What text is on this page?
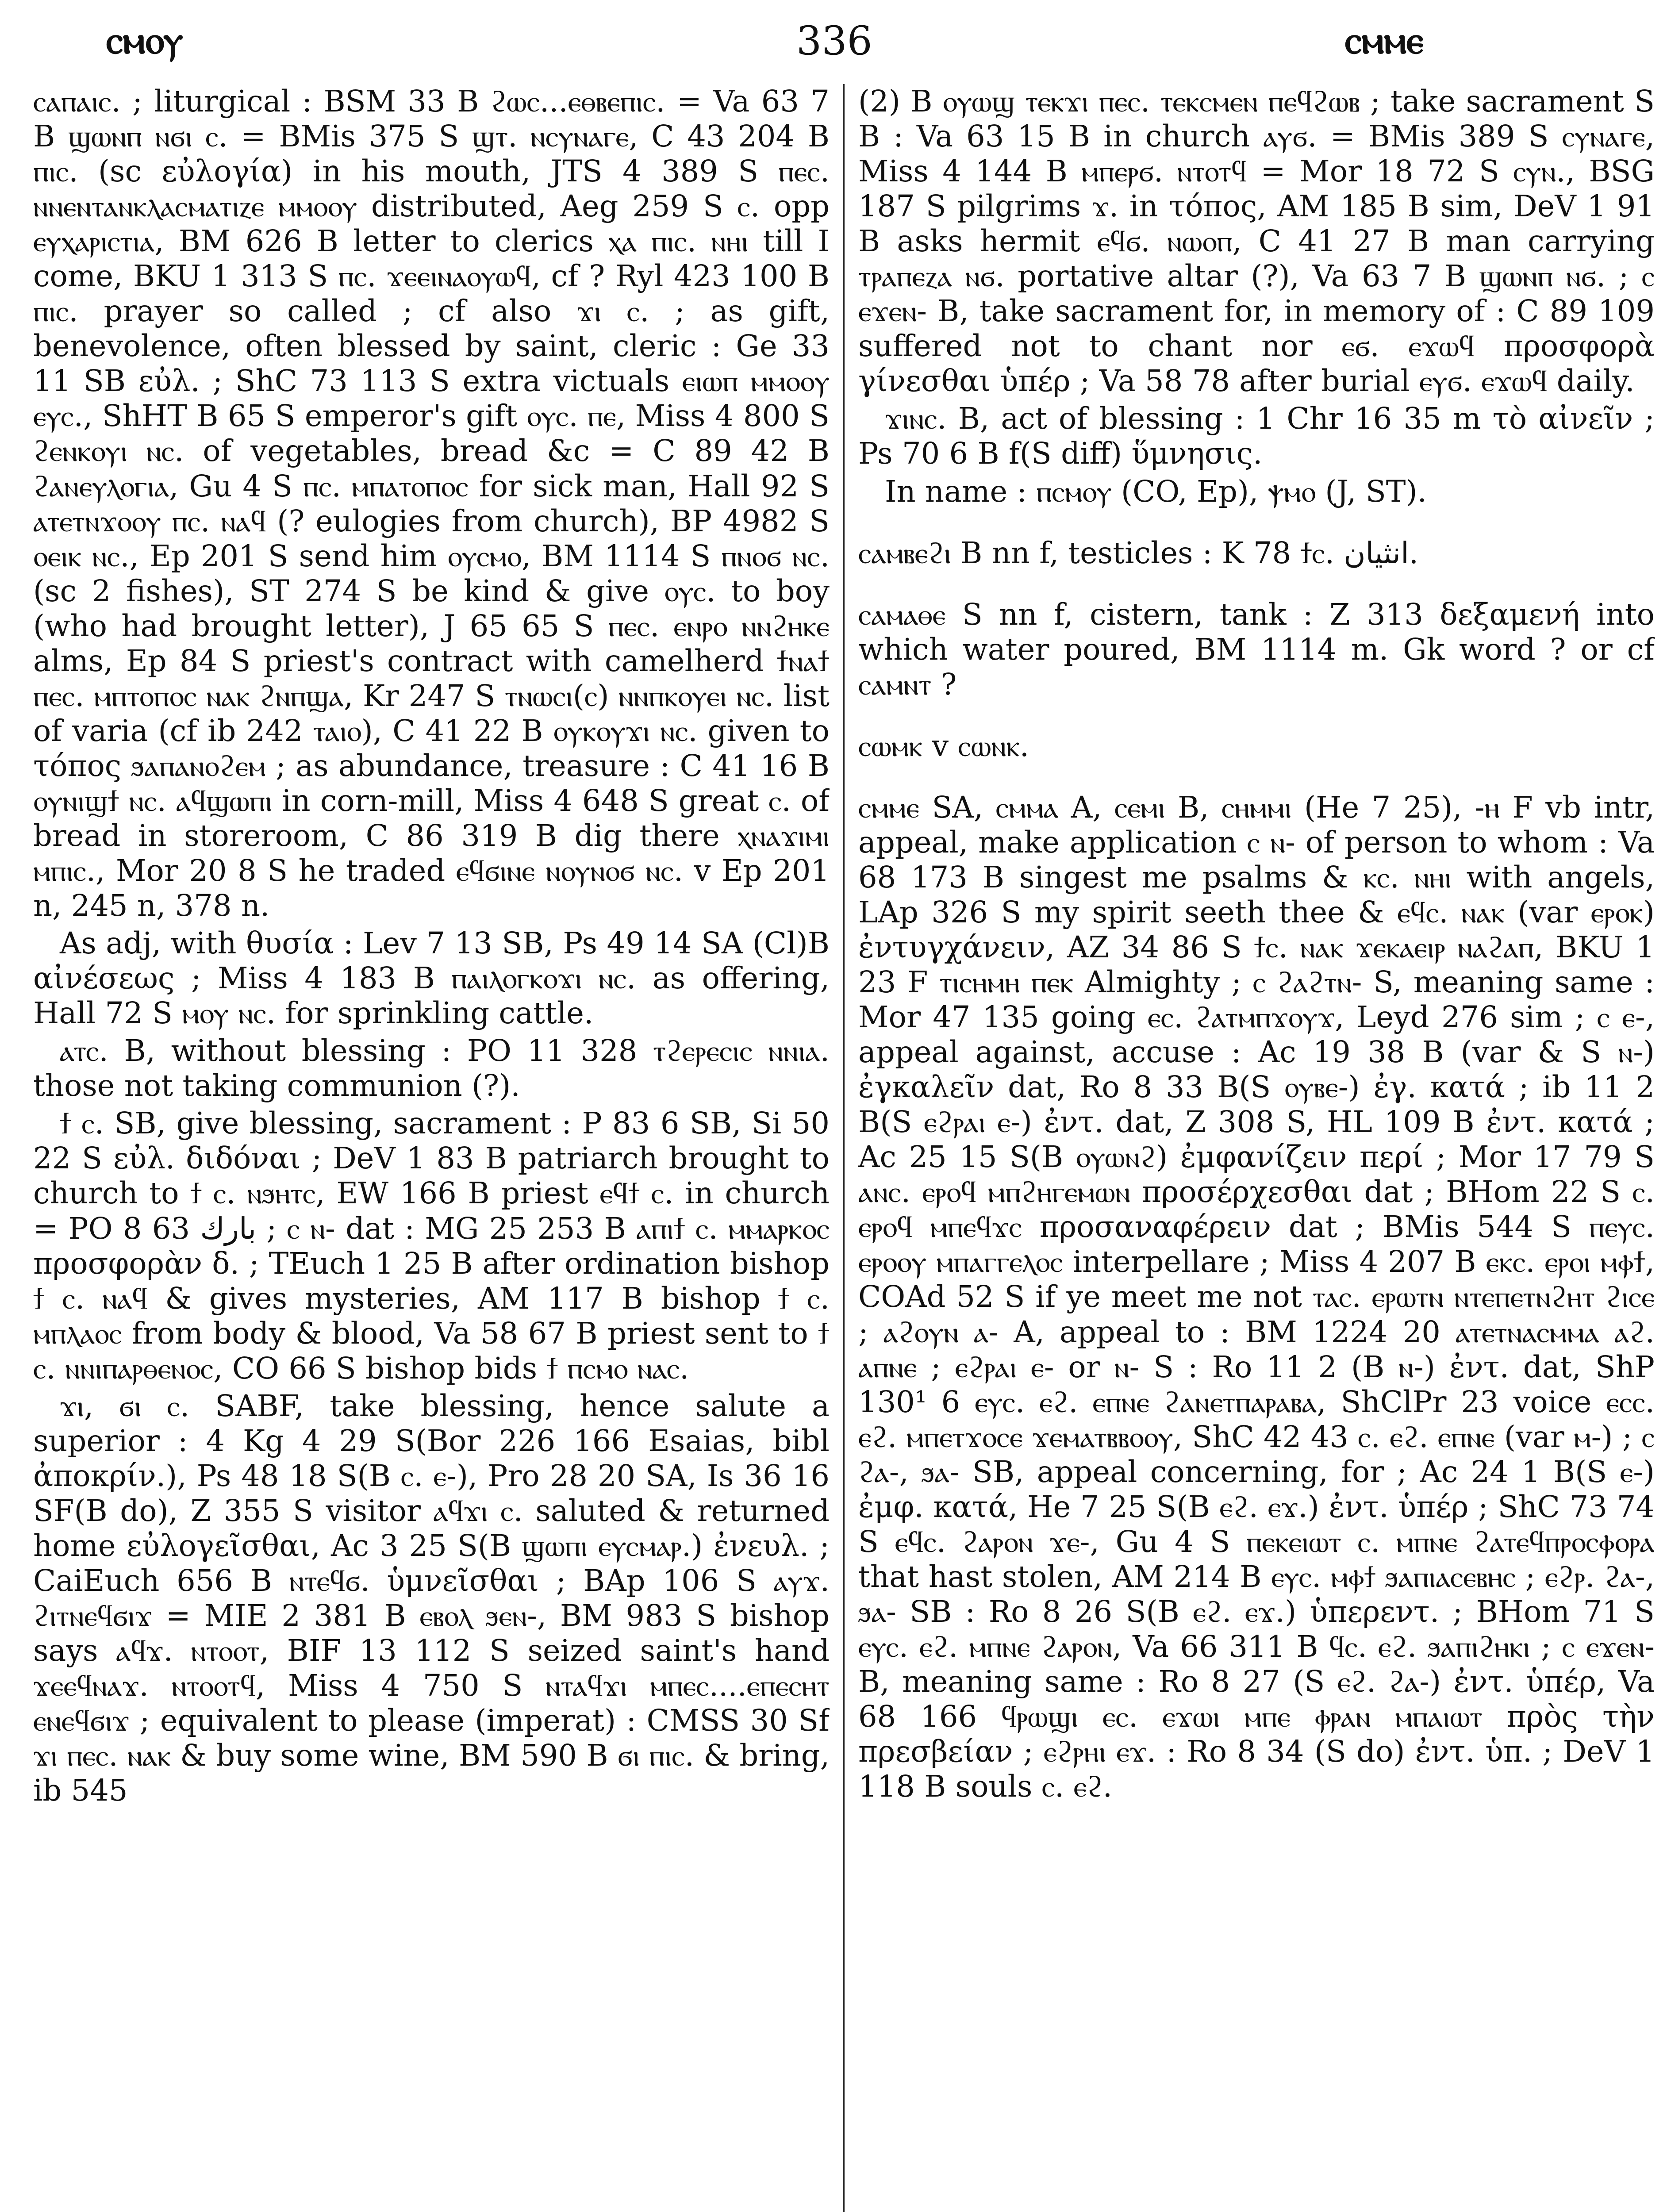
ⲥⲙⲟⲩ	336	ⲥⲙⲙⲉ

ⲥⲁⲡⲁⲓⲥ. ; liturgical : BSM 33 B ϩⲱⲥ...ⲉⲑⲃⲉⲡⲓⲥ. = Va 63 7 B ϣⲱⲛⲡ ⲛϭⲓ ⲥ. = BMis 375 S ϣⲧ. ⲛⲥⲩⲛⲁⲅⲉ, C 43 204 B ⲡⲓⲥ. (sc εὐλογία) in his mouth, JTS 4 389 S ⲡⲉⲥ. ⲛⲛⲉⲛⲧⲁⲛⲕⲗⲁⲥⲙⲁⲧⲓⲍⲉ ⲙⲙⲟⲟⲩ distributed, Aeg 259 S ⲥ. opp ⲉⲩⲭⲁⲣⲓⲥⲧⲓⲁ, BM 626 B letter to clerics ⲭⲁ ⲡⲓⲥ. ⲛⲏⲓ till I come, BKU 1 313 S ⲡⲥ. ϫⲉⲉⲓⲛⲁⲟⲩⲱϥ, cf ? Ryl 423 100 B ⲡⲓⲥ. prayer so called ; cf also ϫⲓ ⲥ. ; as gift, benevolence, often blessed by saint, cleric : Ge 33 11 SB εὐλ. ; ShC 73 113 S extra victuals ⲉⲓⲱⲡ ⲙⲙⲟⲟⲩ ⲉⲩⲥ., ShHT B 65 S emperor's gift ⲟⲩⲥ. ⲡⲉ, Miss 4 800 S ϩⲉⲛⲕⲟⲩⲓ ⲛⲥ. of vegetables, bread &c = C 89 42 B ϩⲁⲛⲉⲩⲗⲟⲅⲓⲁ, Gu 4 S ⲡⲥ. ⲙⲡⲁⲧⲟⲡⲟⲥ for sick man, Hall 92 S ⲁⲧⲉⲧⲛϫⲟⲟⲩ ⲡⲥ. ⲛⲁϥ (? eulogies from church), BP 4982 S ⲟⲉⲓⲕ ⲛⲥ., Ep 201 S send him ⲟⲩⲥⲙⲟ, BM 1114 S ⲡⲛⲟϭ ⲛⲥ. (sc 2 fishes), ST 274 S be kind & give ⲟⲩⲥ. to boy (who had brought letter), J 65 65 S ⲡⲉⲥ. ⲉⲛⲣⲟ ⲛⲛϩⲏⲕⲉ alms, Ep 84 S priest's contract with camelherd ϯⲛⲁϯ ⲡⲉⲥ. ⲙⲡⲧⲟⲡⲟⲥ ⲛⲁⲕ ϩⲛⲡϣⲁ, Kr 247 S ⲧⲛⲱⲥⲓ(ⲥ) ⲛⲛⲡⲕⲟⲩⲉⲓ ⲛⲥ. list of varia (cf ib 242 ⲧⲁⲓⲟ), C 41 22 B ⲟⲩⲕⲟⲩϫⲓ ⲛⲥ. given to τόπος ϧⲁⲡⲁⲛⲟϩⲉⲙ ; as abundance, treasure : C 41 16 B ⲟⲩⲛⲓϣϯ ⲛⲥ. ⲁϥϣⲱⲡⲓ in corn-mill, Miss 4 648 S great ⲥ. of bread in storeroom, C 86 319 B dig there ⲭⲛⲁϫⲓⲙⲓ ⲙⲡⲓⲥ., Mor 20 8 S he traded ⲉϥϭⲓⲛⲉ ⲛⲟⲩⲛⲟϭ ⲛⲥ. v Ep 201 n, 245 n, 378 n.

As adj, with θυσία : Lev 7 13 SB, Ps 49 14 SA (Cl)B αἰνέσεως ; Miss 4 183 B ⲡⲁⲓⲗⲟⲅⲕⲟϫⲓ ⲛⲥ. as offering, Hall 72 S ⲙⲟⲩ ⲛⲥ. for sprinkling cattle.

ⲁⲧⲥ. B, without blessing : PO 11 328 ⲧϩⲉⲣⲉⲥⲓⲥ ⲛⲛⲓⲁ. those not taking communion (?).

ϯ ⲥ. SB, give blessing, sacrament : P 83 6 SB, Si 50 22 S εὐλ. διδόναι ; DeV 1 83 B patriarch brought to church to ϯ ⲥ. ⲛϧⲏⲧⲥ, EW 166 B priest ⲉϥϯ ⲥ. in church = PO 8 63 ﺑﺎﺭﻙ ; ⲥ ⲛ- dat : MG 25 253 B ⲁⲡⲓϯ ⲥ. ⲙⲙⲁⲣⲕⲟⲥ προσφορὰν δ. ; TEuch 1 25 B after ordination bishop ϯ ⲥ. ⲛⲁϥ & gives mysteries, AM 117 B bishop ϯ ⲥ. ⲙⲡⲗⲁⲟⲥ from body & blood, Va 58 67 B priest sent to ϯ ⲥ. ⲛⲛⲓⲡⲁⲣⲑⲉⲛⲟⲥ, CO 66 S bishop bids ϯ ⲡⲥⲙⲟ ⲛⲁⲥ.

ϫⲓ, ϭⲓ ⲥ. SABF, take blessing, hence salute a superior : 4 Kg 4 29 S(Bor 226 166 Esaias, bibl ἀποκρίν.), Ps 48 18 S(B ⲥ. ⲉ-), Pro 28 20 SA, Is 36 16 SF(B do), Z 355 S visitor ⲁϥϫⲓ ⲥ. saluted & returned home εὐλογεῖσθαι, Ac 3 25 S(B ϣⲱⲡⲓ ⲉⲩⲥⲙⲁⲣ.) ἐνευλ. ; CaiEuch 656 B ⲛⲧⲉϥϭ. ὑμνεῖσθαι ; BAp 106 S ⲁⲩϫ. ϩⲓⲧⲛⲉϥϭⲓϫ = MIE 2 381 B ⲉⲃⲟⲗ ϧⲉⲛ-, BM 983 S bishop says ⲁϥϫ. ⲛⲧⲟⲟⲧ, BIF 13 112 S seized saint's hand ϫⲉⲉϥⲛⲁϫ. ⲛⲧⲟⲟⲧϥ, Miss 4 750 S ⲛⲧⲁϥϫⲓ ⲙⲡⲉⲥ....ⲉⲡⲉⲥⲏⲧ ⲉⲛⲉϥϭⲓϫ ; equivalent to please (imperat) : CMSS 30 Sf ϫⲓ ⲡⲉⲥ. ⲛⲁⲕ & buy some wine, BM 590 B ϭⲓ ⲡⲓⲥ. & bring, ib 545

(2) B ⲟⲩⲱϣ ⲧⲉⲕϫⲓ ⲡⲉⲥ. ⲧⲉⲕⲥⲙⲉⲛ ⲡⲉϥϩⲱⲃ ; take sacrament S B : Va 63 15 B in church ⲁⲩϭ. = BMis 389 S ⲥⲩⲛⲁⲅⲉ, Miss 4 144 B ⲙⲡⲉⲣϭ. ⲛⲧⲟⲧϥ = Mor 18 72 S ⲥⲩⲛ., BSG 187 S pilgrims ϫ. in τόπος, AM 185 B sim, DeV 1 91 B asks hermit ⲉϥϭ. ⲛⲱⲟⲡ, C 41 27 B man carrying ⲧⲣⲁⲡⲉⲍⲁ ⲛϭ. portative altar (?), Va 63 7 B ϣⲱⲛⲡ ⲛϭ. ; ⲥ ⲉϫⲉⲛ- B, take sacrament for, in memory of : C 89 109 suffered not to chant nor ⲉϭ. ⲉϫⲱϥ προσφορὰ γίνεσθαι ὑπέρ ; Va 58 78 after burial ⲉⲩϭ. ⲉϫⲱϥ daily.

ϫⲓⲛⲥ. B, act of blessing : 1 Chr 16 35 m τὸ αἰνεῖν ; Ps 70 6 B f(S diff) ὕμνησις.

In name : ⲡⲥⲙⲟⲩ (CO, Ep), ⲯⲙⲟ (J, ST).

ⲥⲁⲙⲃⲉϩⲓ B nn f, testicles : K 78 ϯⲥ. ﺍﻧﺜﻴﺎﻥ.

ⲥⲁⲙⲁⲑⲉ S nn f, cistern, tank : Z 313 δεξαμενή into which water poured, BM 1114 m. Gk word ? or cf ⲥⲁⲙⲛⲧ ?

ⲥⲱⲙⲕ v ⲥⲱⲛⲕ.

ⲥⲙⲙⲉ SA, ⲥⲙⲙⲁ A, ⲥⲉⲙⲓ B, ⲥⲏⲙⲙⲓ (He 7 25), -ⲏ F vb intr, appeal, make application ⲥ ⲛ- of person to whom : Va 68 173 B singest me psalms & ⲕⲥ. ⲛⲏⲓ with angels, LAp 326 S my spirit seeth thee & ⲉϥⲥ. ⲛⲁⲕ (var ⲉⲣⲟⲕ) ἐντυγχάνειν, AZ 34 86 S ϯⲥ. ⲛⲁⲕ ϫⲉⲕⲁⲉⲓⲣ ⲛⲁϩⲁⲡ, BKU 1 23 F ⲧⲓⲥⲏⲙⲏ ⲡⲉⲕ Almighty ; ⲥ ϩⲁϩⲧⲛ- S, meaning same : Mor 47 135 going ⲉⲥ. ϩⲁⲧⲙⲡϫⲟⲩϫ, Leyd 276 sim ; ⲥ ⲉ-, appeal against, accuse : Ac 19 38 B (var & S ⲛ-) ἐγκαλεῖν dat, Ro 8 33 B(S ⲟⲩⲃⲉ-) ἐγ. κατά ; ib 11 2 B(S ⲉϩⲣⲁⲓ ⲉ-) ἐντ. dat, Z 308 S, HL 109 B ἐντ. κατά ; Ac 25 15 S(B ⲟⲩⲱⲛϩ) ἐμφανίζειν περί ; Mor 17 79 S ⲁⲛⲥ. ⲉⲣⲟϥ ⲙⲡϩⲏⲅⲉⲙⲱⲛ προσέρχεσθαι dat ; BHom 22 S ⲥ. ⲉⲣⲟϥ ⲙⲡⲉϥϫⲥ προσαναφέρειν dat ; BMis 544 S ⲡⲉⲩⲥ. ⲉⲣⲟⲟⲩ ⲙⲡⲁⲅⲅⲉⲗⲟⲥ interpellare ; Miss 4 207 B ⲉⲕⲥ. ⲉⲣⲟⲓ ⲙⲫϯ, COAd 52 S if ye meet me not ⲧⲁⲥ. ⲉⲣⲱⲧⲛ ⲛⲧⲉⲡⲉⲧⲛϩⲏⲧ ϩⲓⲥⲉ ; ⲁϩⲟⲩⲛ ⲁ- A, appeal to : BM 1224 20 ⲁⲧⲉⲧⲛⲁⲥⲙⲙⲁ ⲁϩ. ⲁⲡⲛⲉ ; ⲉϩⲣⲁⲓ ⲉ- or ⲛ- S : Ro 11 2 (B ⲛ-) ἐντ. dat, ShP 130¹ 6 ⲉⲩⲥ. ⲉϩ. ⲉⲡⲛⲉ ϩⲁⲛⲉⲧⲡⲁⲣⲁⲃⲁ, ShClPr 23 voice ⲉⲥⲥ. ⲉϩ. ⲙⲡⲉⲧϫⲟⲥⲉ ϫⲉⲙⲁⲧⲃⲃⲟⲟⲩ, ShC 42 43 ⲥ. ⲉϩ. ⲉⲡⲛⲉ (var ⲙ-) ; ⲥ ϩⲁ-, ϧⲁ- SB, appeal concerning, for ; Ac 24 1 B(S ⲉ-) ἐμφ. κατά, He 7 25 S(B ⲉϩ. ⲉϫ.) ἐντ. ὑπέρ ; ShC 73 74 S ⲉϥⲥ. ϩⲁⲣⲟⲛ ϫⲉ-, Gu 4 S ⲡⲉⲕⲉⲓⲱⲧ ⲥ. ⲙⲡⲛⲉ ϩⲁⲧⲉϥⲡⲣⲟⲥⲫⲟⲣⲁ that hast stolen, AM 214 B ⲉⲩⲥ. ⲙⲫϯ ϧⲁⲡⲓⲁⲥⲉⲃⲏⲥ ; ⲉϩⲣ. ϩⲁ-, ϧⲁ- SB : Ro 8 26 S(B ⲉϩ. ⲉϫ.) ὑπερεντ. ; BHom 71 S ⲉⲩⲥ. ⲉϩ. ⲙⲡⲛⲉ ϩⲁⲣⲟⲛ, Va 66 311 B ϥⲥ. ⲉϩ. ϧⲁⲡⲓϩⲏⲕⲓ ; ⲥ ⲉϫⲉⲛ- B, meaning same : Ro 8 27 (S ⲉϩ. ϩⲁ-) ἐντ. ὑπέρ, Va 68 166 ϥⲣⲱϣⲓ ⲉⲥ. ⲉϫⲱⲓ ⲙⲡⲉ ⲫⲣⲁⲛ ⲙⲡⲁⲓⲱⲧ πρὸς τὴν πρεσβείαν ; ⲉϩⲣⲏⲓ ⲉϫ. : Ro 8 34 (S do) ἐντ. ὑπ. ; DeV 1 118 B souls ⲥ. ⲉϩ.
